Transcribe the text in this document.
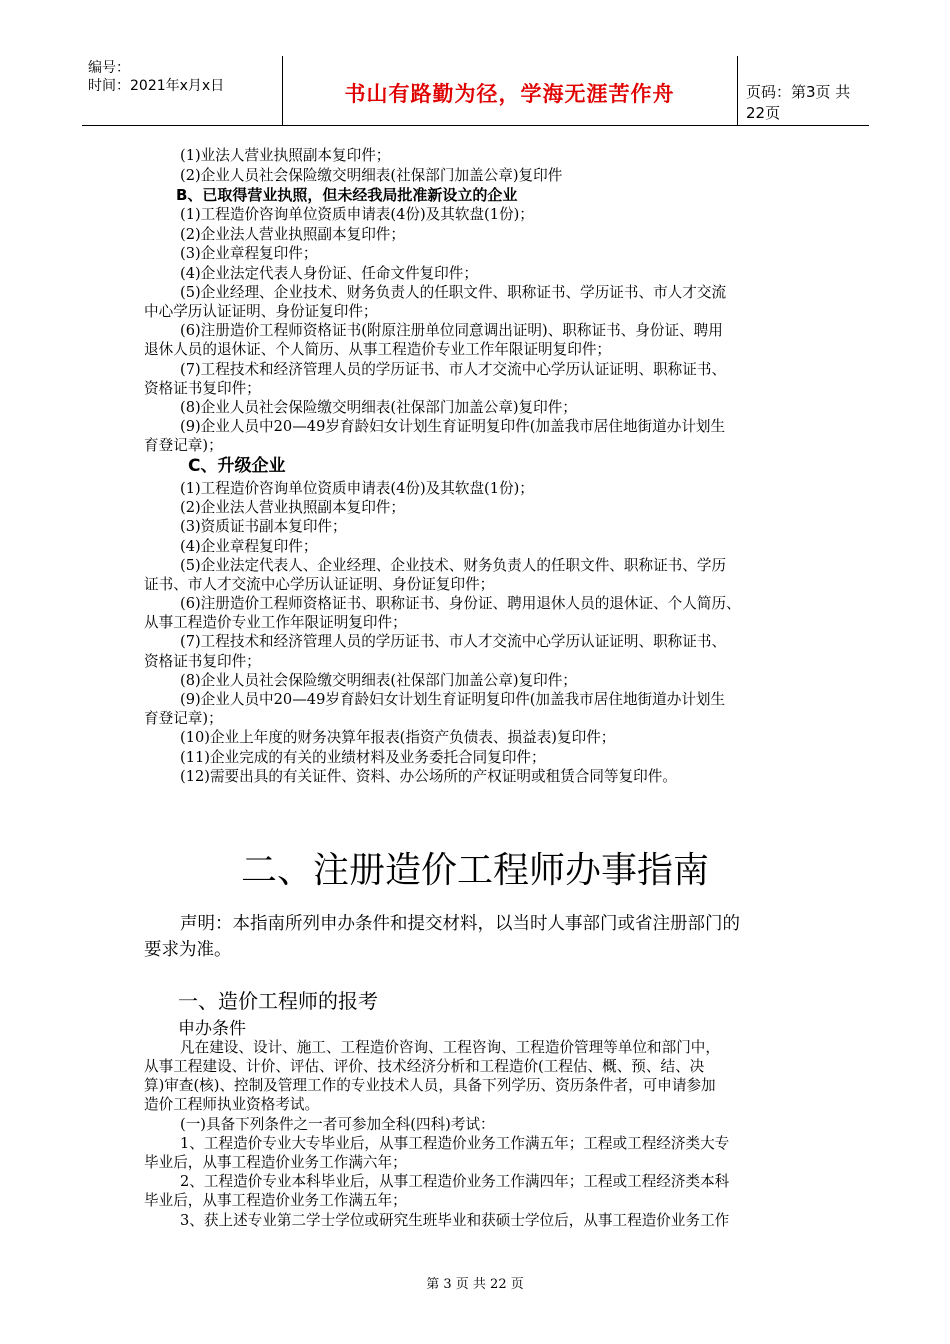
编号：
时间：2021年x月x日	书山有路勤为径，学海无涯苦作舟	页码：第3页 共22页
(1)业法人营业执照副本复印件；
(2)企业人员社会保险缴交明细表(社保部门加盖公章)复印件
B、已取得营业执照，但未经我局批准新设立的企业
(1)工程造价咨询单位资质申请表(4份)及其软盘(1份)；
(2)企业法人营业执照副本复印件；
(3)企业章程复印件；
(4)企业法定代表人身份证、任命文件复印件；
(5)企业经理、企业技术、财务负责人的任职文件、职称证书、学历证书、市人才交流
中心学历认证证明、身份证复印件；
(6)注册造价工程师资格证书(附原注册单位同意调出证明)、职称证书、身份证、聘用
退休人员的退休证、个人简历、从事工程造价专业工作年限证明复印件；
(7)工程技术和经济管理人员的学历证书、市人才交流中心学历认证证明、职称证书、
资格证书复印件；
(8)企业人员社会保险缴交明细表(社保部门加盖公章)复印件；
(9)企业人员中20—49岁育龄妇女计划生育证明复印件(加盖我市居住地街道办计划生
育登记章)；
C、升级企业
(1)工程造价咨询单位资质申请表(4份)及其软盘(1份)；
(2)企业法人营业执照副本复印件；
(3)资质证书副本复印件；
(4)企业章程复印件；
(5)企业法定代表人、企业经理、企业技术、财务负责人的任职文件、职称证书、学历
证书、市人才交流中心学历认证证明、身份证复印件；
(6)注册造价工程师资格证书、职称证书、身份证、聘用退休人员的退休证、个人简历、
从事工程造价专业工作年限证明复印件；
(7)工程技术和经济管理人员的学历证书、市人才交流中心学历认证证明、职称证书、
资格证书复印件；
(8)企业人员社会保险缴交明细表(社保部门加盖公章)复印件；
(9)企业人员中20—49岁育龄妇女计划生育证明复印件(加盖我市居住地街道办计划生
育登记章)；
(10)企业上年度的财务决算年报表(指资产负债表、损益表)复印件；
(11)企业完成的有关的业绩材料及业务委托合同复印件；
(12)需要出具的有关证件、资料、办公场所的产权证明或租赁合同等复印件。
二、注册造价工程师办事指南
声明：本指南所列申办条件和提交材料，以当时人事部门或省注册部门的
要求为准。
一、造价工程师的报考
申办条件
凡在建设、设计、施工、工程造价咨询、工程咨询、工程造价管理等单位和部门中，
从事工程建设、计价、评估、评价、技术经济分析和工程造价(工程估、概、预、结、决
算)审查(核)、控制及管理工作的专业技术人员，具备下列学历、资历条件者，可申请参加
造价工程师执业资格考试。
(一)具备下列条件之一者可参加全科(四科)考试：
1、工程造价专业大专毕业后，从事工程造价业务工作满五年；工程或工程经济类大专
毕业后，从事工程造价业务工作满六年；
2、工程造价专业本科毕业后，从事工程造价业务工作满四年；工程或工程经济类本科
毕业后，从事工程造价业务工作满五年；
3、获上述专业第二学士学位或研究生班毕业和获硕士学位后，从事工程造价业务工作
第 3 页 共 22 页
